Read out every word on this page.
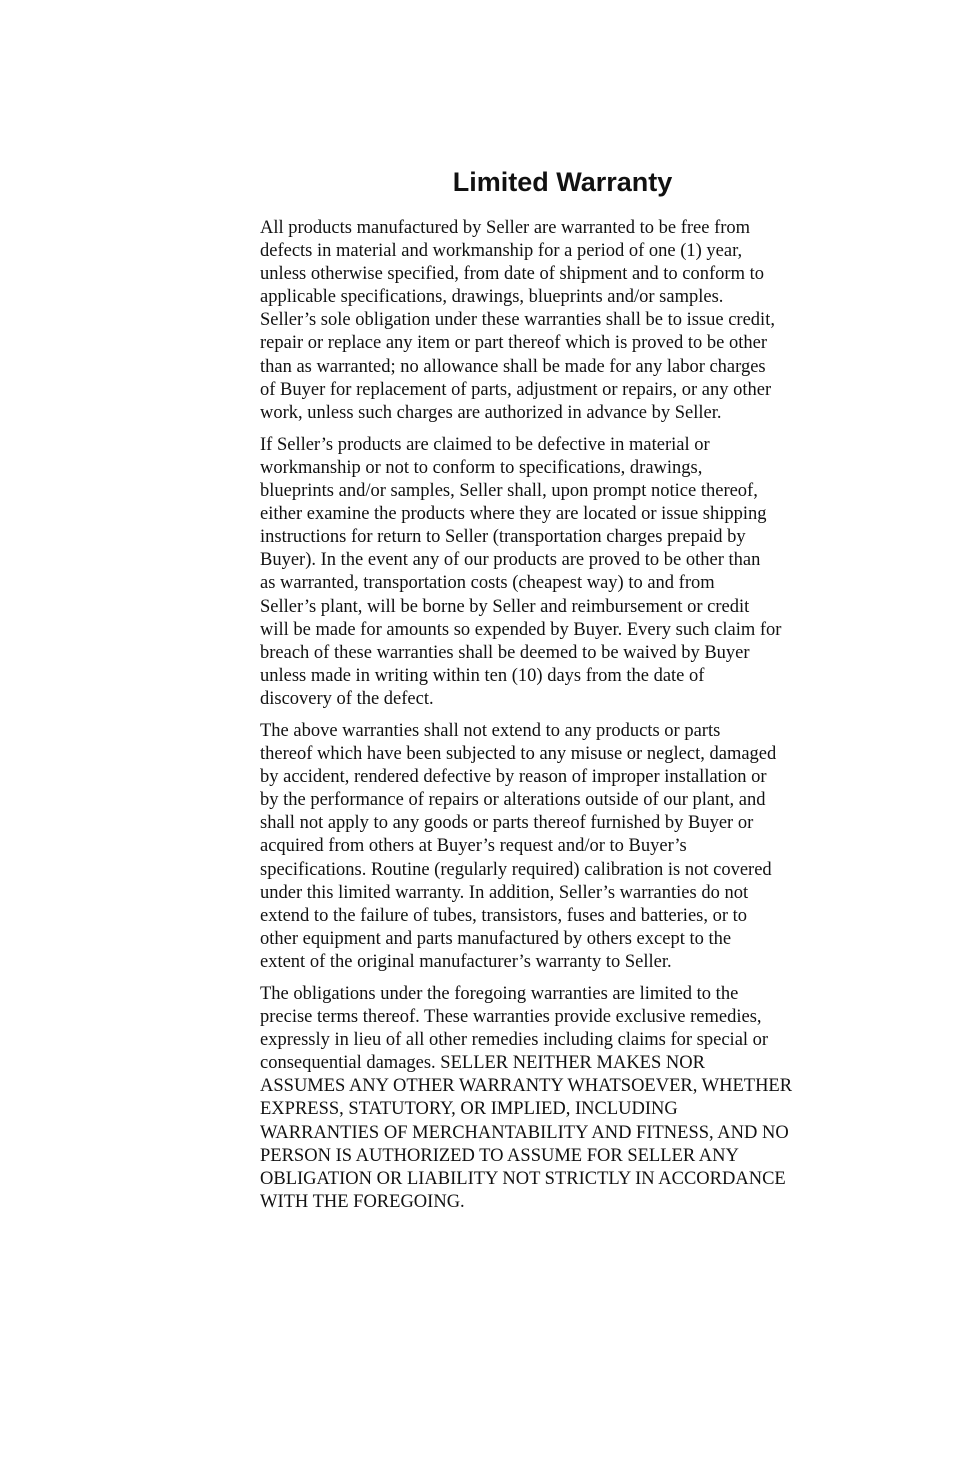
Limited Warranty

All products manufactured by Seller are warranted to be free from
defects in material and workmanship for a period of one (1) year,
unless otherwise specified, from date of shipment and to conform to
applicable specifications, drawings, blueprints and/or samples.
Seller’s sole obligation under these warranties shall be to issue credit,
repair or replace any item or part thereof which is proved to be other
than as warranted; no allowance shall be made for any labor charges
of Buyer for replacement of parts, adjustment or repairs, or any other
work, unless such charges are authorized in advance by Seller.

If Seller’s products are claimed to be defective in material or
workmanship or not to conform to specifications, drawings,
blueprints and/or samples, Seller shall, upon prompt notice thereof,
either examine the products where they are located or issue shipping
instructions for return to Seller (transportation charges prepaid by
Buyer). In the event any of our products are proved to be other than
as warranted, transportation costs (cheapest way) to and from
Seller’s plant, will be borne by Seller and reimbursement or credit
will be made for amounts so expended by Buyer. Every such claim for
breach of these warranties shall be deemed to be waived by Buyer
unless made in writing within ten (10) days from the date of
discovery of the defect.

The above warranties shall not extend to any products or parts
thereof which have been subjected to any misuse or neglect, damaged
by accident, rendered defective by reason of improper installation or
by the performance of repairs or alterations outside of our plant, and
shall not apply to any goods or parts thereof furnished by Buyer or
acquired from others at Buyer’s request and/or to Buyer’s
specifications. Routine (regularly required) calibration is not covered
under this limited warranty. In addition, Seller’s warranties do not
extend to the failure of tubes, transistors, fuses and batteries, or to
other equipment and parts manufactured by others except to the
extent of the original manufacturer’s warranty to Seller.

The obligations under the foregoing warranties are limited to the
precise terms thereof. These warranties provide exclusive remedies,
expressly in lieu of all other remedies including claims for special or
consequential damages. SELLER NEITHER MAKES NOR
ASSUMES ANY OTHER WARRANTY WHATSOEVER, WHETHER
EXPRESS, STATUTORY, OR IMPLIED, INCLUDING
WARRANTIES OF MERCHANTABILITY AND FITNESS, AND NO
PERSON IS AUTHORIZED TO ASSUME FOR SELLER ANY
OBLIGATION OR LIABILITY NOT STRICTLY IN ACCORDANCE
WITH THE FOREGOING.
